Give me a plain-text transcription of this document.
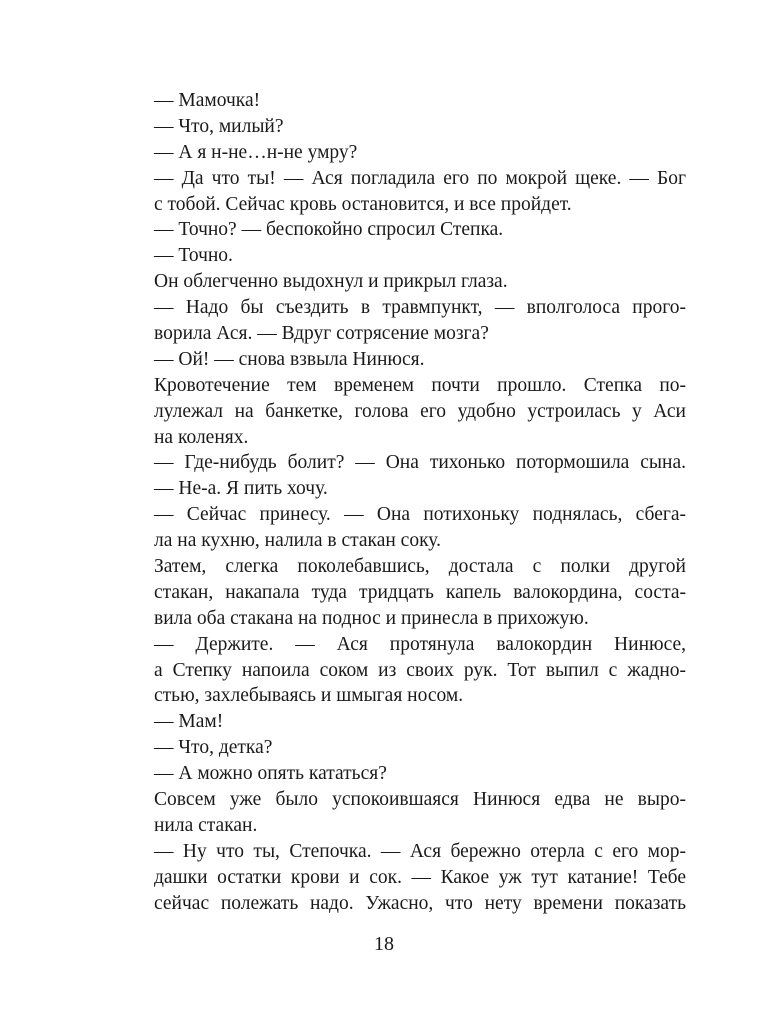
— Мамочка!
— Что, милый?
— А я н-не…н-не умру?
— Да что ты! — Ася погладила его по мокрой щеке. — Бог
с тобой. Сейчас кровь остановится, и все пройдет.
— Точно? — беспокойно спросил Степка.
— Точно.
Он облегченно выдохнул и прикрыл глаза.
— Надо бы съездить в травмпункт, — вполголоса прого-
ворила Ася. — Вдруг сотрясение мозга?
— Ой! — снова взвыла Нинюся.
Кровотечение тем временем почти прошло. Степка по-
лулежал на банкетке, голова его удобно устроилась у Аси
на коленях.
— Где-нибудь болит? — Она тихонько потормошила сына.
— Не-а. Я пить хочу.
— Сейчас принесу. — Она потихоньку поднялась, сбега-
ла на кухню, налила в стакан соку.
Затем, слегка поколебавшись, достала с полки другой
стакан, накапала туда тридцать капель валокордина, соста-
вила оба стакана на поднос и принесла в прихожую.
— Держите. — Ася протянула валокордин Нинюсе,
а Степку напоила соком из своих рук. Тот выпил с жадно-
стью, захлебываясь и шмыгая носом.
— Мам!
— Что, детка?
— А можно опять кататься?
Совсем уже было успокоившаяся Нинюся едва не выро-
нила стакан.
— Ну что ты, Степочка. — Ася бережно отерла с его мор-
дашки остатки крови и сок. — Какое уж тут катание! Тебе
сейчас полежать надо. Ужасно, что нету времени показать
18
